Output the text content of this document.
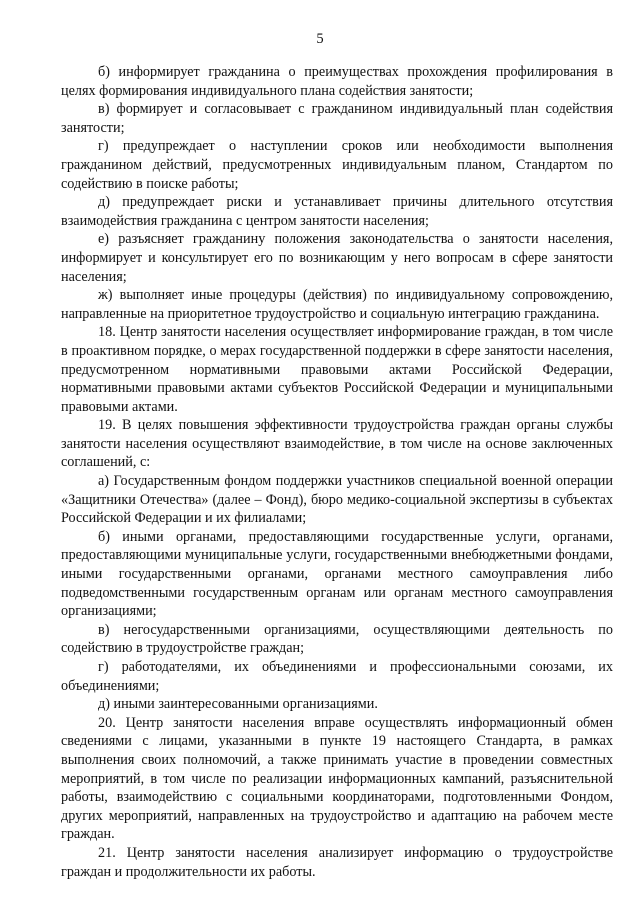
5

б) информирует гражданина о преимуществах прохождения профилирования в целях формирования индивидуального плана содействия занятости;

в) формирует и согласовывает с гражданином индивидуальный план содействия занятости;

г) предупреждает о наступлении сроков или необходимости выполнения гражданином действий, предусмотренных индивидуальным планом, Стандартом по содействию в поиске работы;

д) предупреждает риски и устанавливает причины длительного отсутствия взаимодействия гражданина с центром занятости населения;

е) разъясняет гражданину положения законодательства о занятости населения, информирует и консультирует его по возникающим у него вопросам в сфере занятости населения;

ж) выполняет иные процедуры (действия) по индивидуальному сопровождению, направленные на приоритетное трудоустройство и социальную интеграцию гражданина.

18. Центр занятости населения осуществляет информирование граждан, в том числе в проактивном порядке, о мерах государственной поддержки в сфере занятости населения, предусмотренном нормативными правовыми актами Российской Федерации, нормативными правовыми актами субъектов Российской Федерации и муниципальными правовыми актами.

19. В целях повышения эффективности трудоустройства граждан органы службы занятости населения осуществляют взаимодействие, в том числе на основе заключенных соглашений, с:

а) Государственным фондом поддержки участников специальной военной операции «Защитники Отечества» (далее – Фонд), бюро медико-социальной экспертизы в субъектах Российской Федерации и их филиалами;

б) иными органами, предоставляющими государственные услуги, органами, предоставляющими муниципальные услуги, государственными внебюджетными фондами, иными государственными органами, органами местного самоуправления либо подведомственными государственным органам или органам местного самоуправления организациями;

в) негосударственными организациями, осуществляющими деятельность по содействию в трудоустройстве граждан;

г) работодателями, их объединениями и профессиональными союзами, их объединениями;

д) иными заинтересованными организациями.

20. Центр занятости населения вправе осуществлять информационный обмен сведениями с лицами, указанными в пункте 19 настоящего Стандарта, в рамках выполнения своих полномочий, а также принимать участие в проведении совместных мероприятий, в том числе по реализации информационных кампаний, разъяснительной работы, взаимодействию с социальными координаторами, подготовленными Фондом, других мероприятий, направленных на трудоустройство и адаптацию на рабочем месте граждан.

21. Центр занятости населения анализирует информацию о трудоустройстве граждан и продолжительности их работы.
